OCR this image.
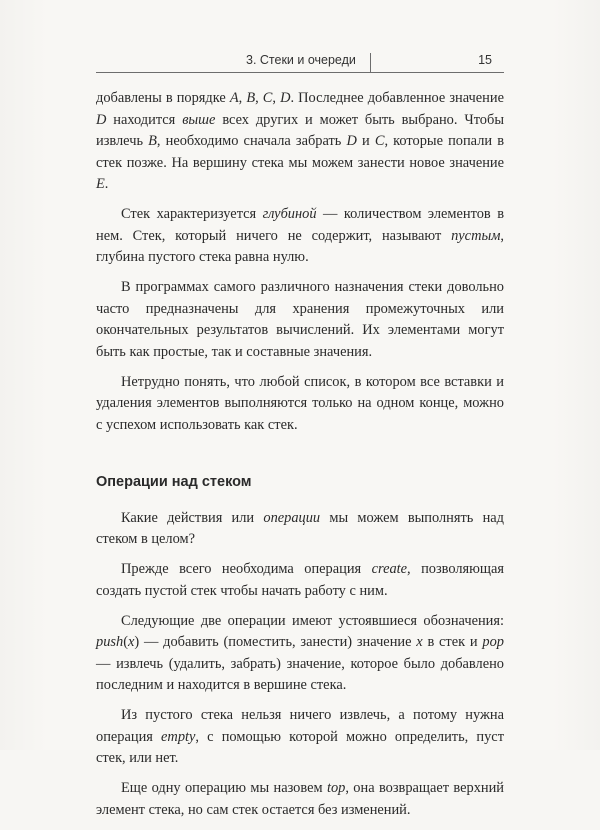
3. Стеки и очереди	15

добавлены в порядке A, B, C, D. Последнее добавленное значение D находится выше всех других и может быть выбрано. Чтобы извлечь B, необходимо сначала забрать D и C, которые попали в стек позже. На вершину стека мы можем занести новое значение E.

Стек характеризуется глубиной — количеством элементов в нем. Стек, который ничего не содержит, называют пустым, глубина пустого стека равна нулю.

В программах самого различного назначения стеки довольно часто предназначены для хранения промежуточных или окончательных результатов вычислений. Их элементами могут быть как простые, так и составные значения.

Нетрудно понять, что любой список, в котором все вставки и удаления элементов выполняются только на одном конце, можно с успехом использовать как стек.

Операции над стеком

Какие действия или операции мы можем выполнять над стеком в целом?

Прежде всего необходима операция create, позволяющая создать пустой стек чтобы начать работу с ним.

Следующие две операции имеют устоявшиеся обозначения: push(x) — добавить (поместить, занести) значение x в стек и pop — извлечь (удалить, забрать) значение, которое было добавлено последним и находится в вершине стека.

Из пустого стека нельзя ничего извлечь, а потому нужна операция empty, с помощью которой можно определить, пуст стек, или нет.

Еще одну операцию мы назовем top, она возвращает верхний элемент стека, но сам стек остается без изменений.
